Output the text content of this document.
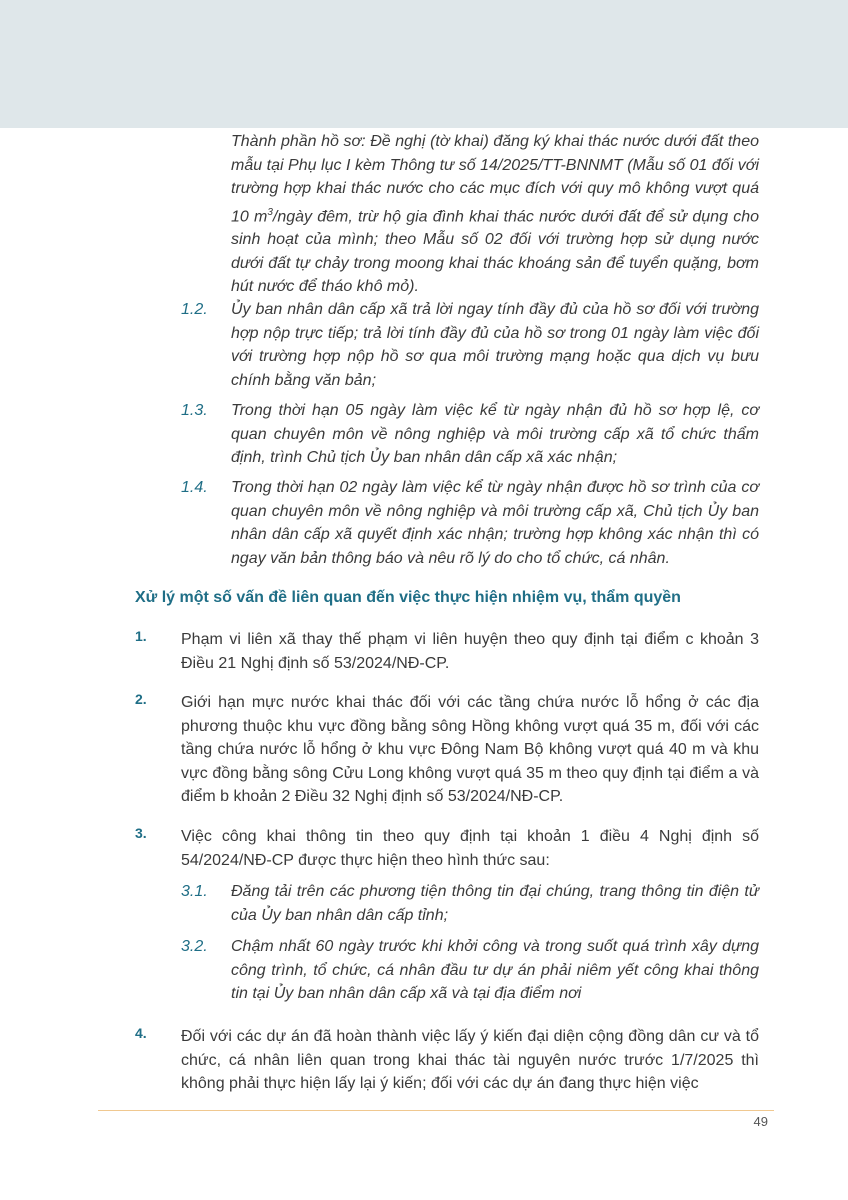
Thành phần hồ sơ: Đề nghị (tờ khai) đăng ký khai thác nước dưới đất theo mẫu tại Phụ lục I kèm Thông tư số 14/2025/TT-BNNMT (Mẫu số 01 đối với trường hợp khai thác nước cho các mục đích với quy mô không vượt quá 10 $m^3$/ngày đêm, trừ hộ gia đình khai thác nước dưới đất để sử dụng cho sinh hoạt của mình; theo Mẫu số 02 đối với trường hợp sử dụng nước dưới đất tự chảy trong moong khai thác khoáng sản để tuyển quặng, bơm hút nước để tháo khô mỏ).

1.2. Ủy ban nhân dân cấp xã trả lời ngay tính đầy đủ của hồ sơ đối với trường hợp nộp trực tiếp; trả lời tính đầy đủ của hồ sơ trong 01 ngày làm việc đối với trường hợp nộp hồ sơ qua môi trường mạng hoặc qua dịch vụ bưu chính bằng văn bản;

1.3. Trong thời hạn 05 ngày làm việc kể từ ngày nhận đủ hồ sơ hợp lệ, cơ quan chuyên môn về nông nghiệp và môi trường cấp xã tổ chức thẩm định, trình Chủ tịch Ủy ban nhân dân cấp xã xác nhận;

1.4. Trong thời hạn 02 ngày làm việc kể từ ngày nhận được hồ sơ trình của cơ quan chuyên môn về nông nghiệp và môi trường cấp xã, Chủ tịch Ủy ban nhân dân cấp xã quyết định xác nhận; trường hợp không xác nhận thì có ngay văn bản thông báo và nêu rõ lý do cho tổ chức, cá nhân.

Xử lý một số vấn đề liên quan đến việc thực hiện nhiệm vụ, thẩm quyền
1. Phạm vi liên xã thay thế phạm vi liên huyện theo quy định tại điểm c khoản 3 Điều 21 Nghị định số 53/2024/NĐ-CP.

2. Giới hạn mực nước khai thác đối với các tầng chứa nước lỗ hổng ở các địa phương thuộc khu vực đồng bằng sông Hồng không vượt quá 35 m, đối với các tầng chứa nước lỗ hổng ở khu vực Đông Nam Bộ không vượt quá 40 m và khu vực đồng bằng sông Cửu Long không vượt quá 35 m theo quy định tại điểm a và điểm b khoản 2 Điều 32 Nghị định số 53/2024/NĐ-CP.

3. Việc công khai thông tin theo quy định tại khoản 1 điều 4 Nghị định số 54/2024/NĐ-CP được thực hiện theo hình thức sau:

3.1. Đăng tải trên các phương tiện thông tin đại chúng, trang thông tin điện tử của Ủy ban nhân dân cấp tỉnh;

3.2. Chậm nhất 60 ngày trước khi khởi công và trong suốt quá trình xây dựng công trình, tổ chức, cá nhân đầu tư dự án phải niêm yết công khai thông tin tại Ủy ban nhân dân cấp xã và tại địa điểm nơi

4. Đối với các dự án đã hoàn thành việc lấy ý kiến đại diện cộng đồng dân cư và tổ chức, cá nhân liên quan trong khai thác tài nguyên nước trước 1/7/2025 thì không phải thực hiện lấy lại ý kiến; đối với các dự án đang thực hiện việc

49
